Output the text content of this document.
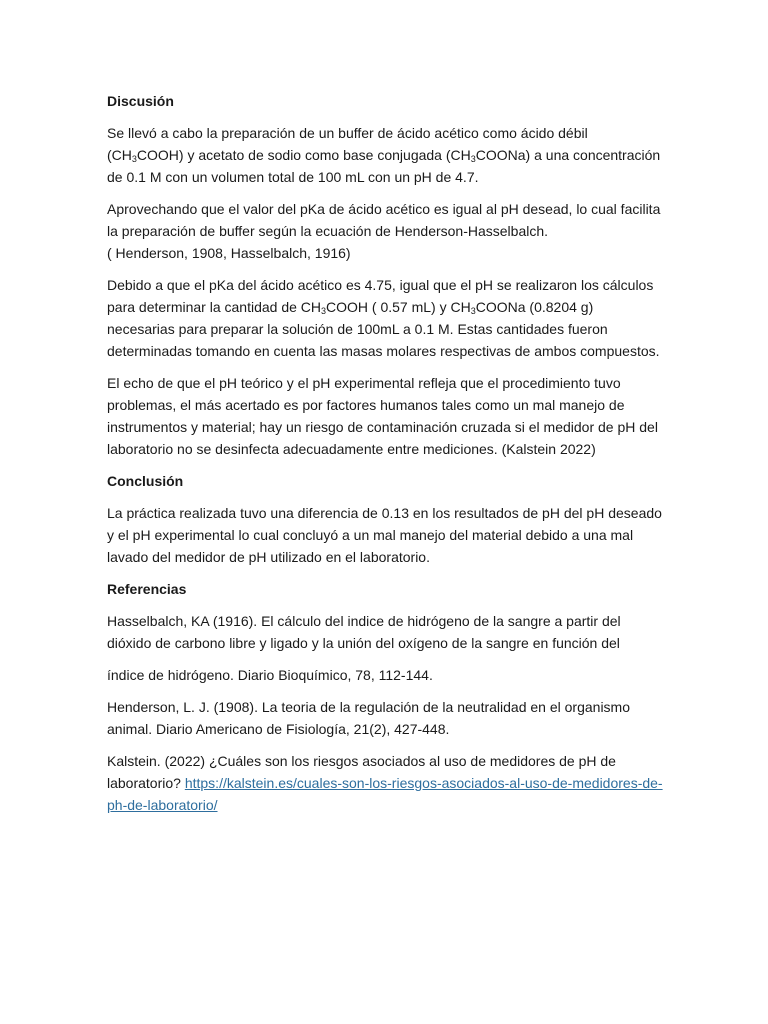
Discusión

Se llevó a cabo la preparación de un buffer de ácido acético como ácido débil $(CH_3COOH)$ y acetato de sodio como base conjugada $(CH_3COONa)$ a una concentración de 0.1 M con un volumen total de 100 mL con un pH de 4.7.

Aprovechando que el valor del pKa de ácido acético es igual al pH desead, lo cual facilita la preparación de buffer según la ecuación de Henderson-Hasselbalch.
( Henderson, 1908, Hasselbalch, 1916)

Debido a que el pKa del ácido acético es 4.75, igual que el pH se realizaron los cálculos para determinar la cantidad de $CH_3COOH$ ( 0.57 mL) y $CH_3COONa$ (0.8204 g) necesarias para preparar la solución de 100mL a 0.1 M. Estas cantidades fueron determinadas tomando en cuenta las masas molares respectivas de ambos compuestos.

El echo de que el pH teórico y el pH experimental refleja que el procedimiento tuvo problemas, el más acertado es por factores humanos tales como un mal manejo de instrumentos y material; hay un riesgo de contaminación cruzada si el medidor de pH del laboratorio no se desinfecta adecuadamente entre mediciones. (Kalstein 2022)

Conclusión

La práctica realizada tuvo una diferencia de 0.13 en los resultados de pH del pH deseado y el pH experimental lo cual concluyó a un mal manejo del material debido a una mal lavado del medidor de pH utilizado en el laboratorio.

Referencias

Hasselbalch, KA (1916). El cálculo del indice de hidrógeno de la sangre a partir del dióxido de carbono libre y ligado y la unión del oxígeno de la sangre en función del

índice de hidrógeno. Diario Bioquímico, 78, 112-144.

Henderson, L. J. (1908). La teoria de la regulación de la neutralidad en el organismo animal. Diario Americano de Fisiología, 21(2), 427-448.

Kalstein. (2022) ¿Cuáles son los riesgos asociados al uso de medidores de pH de laboratorio? https://kalstein.es/cuales-son-los-riesgos-asociados-al-uso-de-medidores-de-ph-de-laboratorio/
